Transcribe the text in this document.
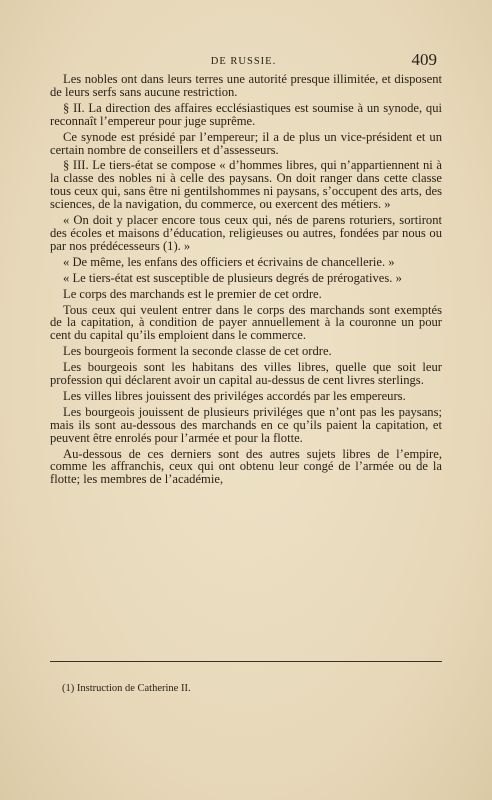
DE RUSSIE.	409

Les nobles ont dans leurs terres une autorité presque illimitée, et disposent de leurs serfs sans aucune restriction.

§ II. La direction des affaires ecclésiastiques est soumise à un synode, qui reconnaît l’empereur pour juge suprême.

Ce synode est présidé par l’empereur; il a de plus un vice-président et un certain nombre de conseillers et d’assesseurs.

§ III. Le tiers-état se compose « d’hommes libres, qui n’appartiennent ni à la classe des nobles ni à celle des paysans. On doit ranger dans cette classe tous ceux qui, sans être ni gentilshommes ni paysans, s’occupent des arts, des sciences, de la navigation, du commerce, ou exercent des métiers. »

« On doit y placer encore tous ceux qui, nés de parens roturiers, sortiront des écoles et maisons d’éducation, religieuses ou autres, fondées par nous ou par nos prédécesseurs (1). »

« De même, les enfans des officiers et écrivains de chancellerie. »

« Le tiers-état est susceptible de plusieurs degrés de prérogatives. »

Le corps des marchands est le premier de cet ordre.

Tous ceux qui veulent entrer dans le corps des marchands sont exemptés de la capitation, à condition de payer annuellement à la couronne un pour cent du capital qu’ils emploient dans le commerce.

Les bourgeois forment la seconde classe de cet ordre.

Les bourgeois sont les habitans des villes libres, quelle que soit leur profession qui déclarent avoir un capital au-dessus de cent livres sterlings.

Les villes libres jouissent des priviléges accordés par les empereurs.

Les bourgeois jouissent de plusieurs priviléges que n’ont pas les paysans; mais ils sont au-dessous des marchands en ce qu’ils paient la capitation, et peuvent être enrolés pour l’armée et pour la flotte.

Au-dessous de ces derniers sont des autres sujets libres de l’empire, comme les affranchis, ceux qui ont obtenu leur congé de l’armée ou de la flotte; les membres de l’académie,

(1) Instruction de Catherine II.
